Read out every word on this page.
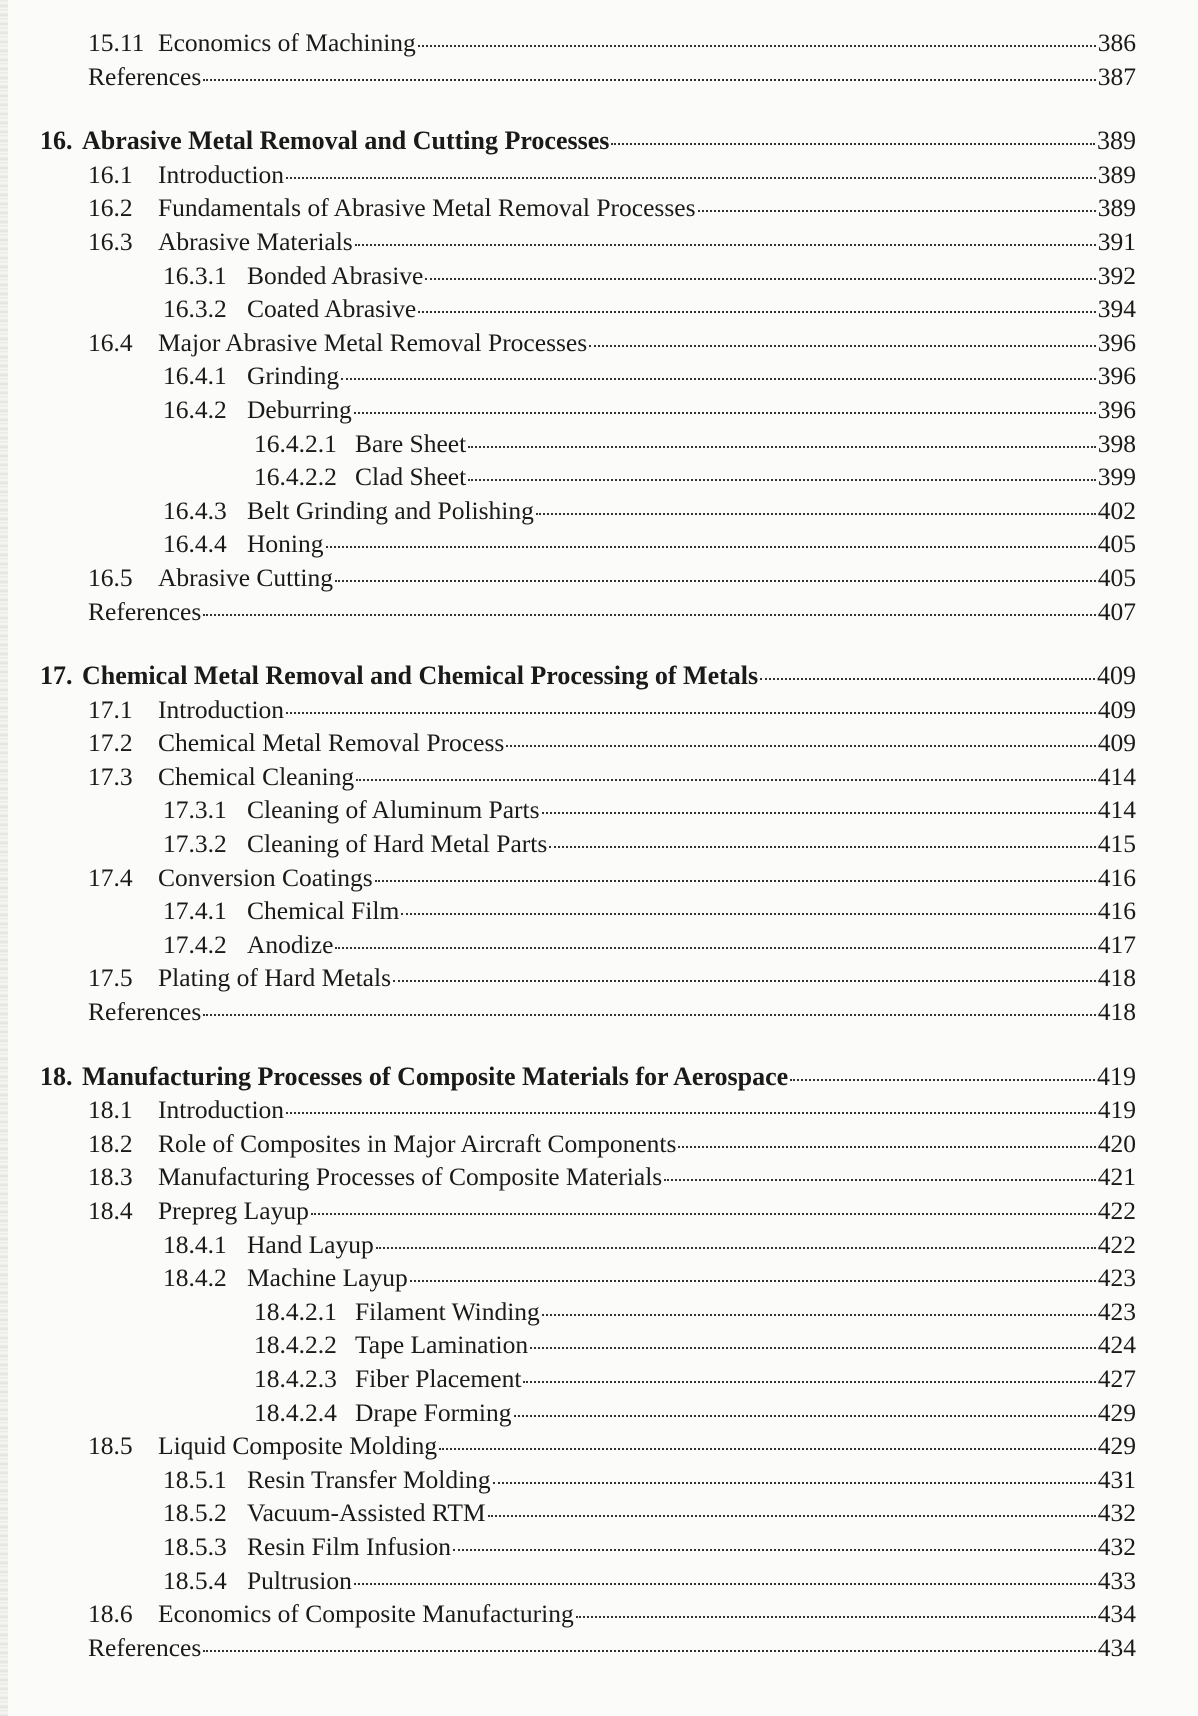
15.11 Economics of Machining	386
References	387
16. Abrasive Metal Removal and Cutting Processes	389
16.1 Introduction	389
16.2 Fundamentals of Abrasive Metal Removal Processes	389
16.3 Abrasive Materials	391
16.3.1 Bonded Abrasive	392
16.3.2 Coated Abrasive	394
16.4 Major Abrasive Metal Removal Processes	396
16.4.1 Grinding	396
16.4.2 Deburring	396
16.4.2.1 Bare Sheet	398
16.4.2.2 Clad Sheet	399
16.4.3 Belt Grinding and Polishing	402
16.4.4 Honing	405
16.5 Abrasive Cutting	405
References	407
17. Chemical Metal Removal and Chemical Processing of Metals	409
17.1 Introduction	409
17.2 Chemical Metal Removal Process	409
17.3 Chemical Cleaning	414
17.3.1 Cleaning of Aluminum Parts	414
17.3.2 Cleaning of Hard Metal Parts	415
17.4 Conversion Coatings	416
17.4.1 Chemical Film	416
17.4.2 Anodize	417
17.5 Plating of Hard Metals	418
References	418
18. Manufacturing Processes of Composite Materials for Aerospace	419
18.1 Introduction	419
18.2 Role of Composites in Major Aircraft Components	420
18.3 Manufacturing Processes of Composite Materials	421
18.4 Prepreg Layup	422
18.4.1 Hand Layup	422
18.4.2 Machine Layup	423
18.4.2.1 Filament Winding	423
18.4.2.2 Tape Lamination	424
18.4.2.3 Fiber Placement	427
18.4.2.4 Drape Forming	429
18.5 Liquid Composite Molding	429
18.5.1 Resin Transfer Molding	431
18.5.2 Vacuum-Assisted RTM	432
18.5.3 Resin Film Infusion	432
18.5.4 Pultrusion	433
18.6 Economics of Composite Manufacturing	434
References	434
